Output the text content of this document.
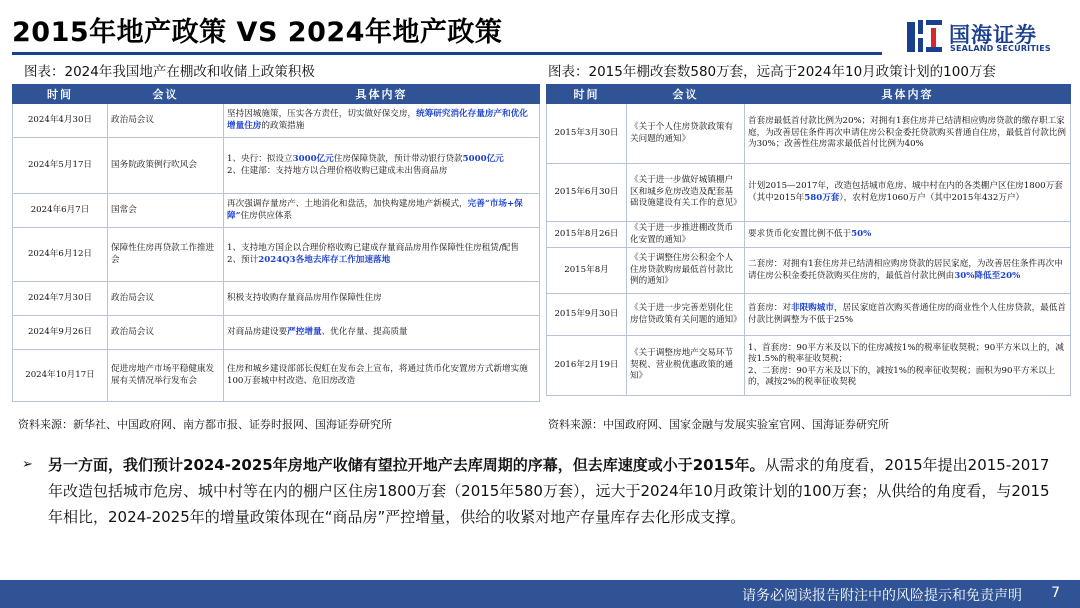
2015年地产政策 VS 2024年地产政策	国海证券
SEALAND SECURITIES
图表：2024年我国地产在棚改和收储上政策积极	图表：2015年棚改套数580万套，远高于2024年10月政策计划的100万套
时间	会议	具体内容
2024年4月30日	政治局会议	坚持因城施策，压实各方责任，切实做好保交房，统筹研究消化存量房产和优化增量住房的政策措施
2024年5月17日	国务院政策例行吹风会	1、央行：拟设立3000亿元住房保障贷款，预计带动银行贷款5000亿元
2、住建部：支持地方以合理价格收购已建成未出售商品房
2024年6月7日	国常会	再次强调存量房产、土地消化和盘活，加快构建房地产新模式，完善“市场+保障”住房供应体系
2024年6月12日	保障性住房再贷款工作推进会	1、支持地方国企以合理价格收购已建成存量商品房用作保障性住房租赁/配售
2、预计2024Q3各地去库存工作加速落地
2024年7月30日	政治局会议	积极支持收购存量商品房用作保障性住房
2024年9月26日	政治局会议	对商品房建设要严控增量、优化存量、提高质量
2024年10月17日	促进房地产市场平稳健康发展有关情况举行发布会	住房和城乡建设部部长倪虹在发布会上宣布，将通过货币化安置房方式新增实施100万套城中村改造、危旧房改造
时间	会议	具体内容
2015年3月30日	《关于个人住房贷款政策有关问题的通知》	首套房最低首付款比例为20%；对拥有1套住房并已结清相应购房贷款的缴存职工家庭，为改善居住条件再次申请住房公积金委托贷款购买普通自住房，最低首付款比例为30%；改善性住房需求最低首付比例为40%
2015年6月30日	《关于进一步做好城镇棚户区和城乡危房改造及配套基础设施建设有关工作的意见》	计划2015—2017年，改造包括城市危房、城中村在内的各类棚户区住房1800万套（其中2015年580万套），农村危房1060万户（其中2015年432万户）
2015年8月26日	《关于进一步推进棚改货币化安置的通知》	要求货币化安置比例不低于50%
2015年8月	《关于调整住房公积金个人住房贷款购房最低首付款比例的通知》	二套房：对拥有1套住房并已结清相应购房贷款的居民家庭，为改善居住条件再次申请住房公积金委托贷款购买住房的，最低首付款比例由30%降低至20%
2015年9月30日	《关于进一步完善差别化住房信贷政策有关问题的通知》	首套房：对非限购城市，居民家庭首次购买普通住房的商业性个人住房贷款，最低首付款比例调整为不低于25%
2016年2月19日	《关于调整房地产交易环节契税、营业税优惠政策的通知》	1、首套房：90平方米及以下的住房减按1%的税率征收契税；90平方米以上的，减按1.5%的税率征收契税；
2、二套房：90平方米及以下的，减按1%的税率征收契税；面积为90平方米以上的，减按2%的税率征收契税
资料来源：新华社、中国政府网、南方都市报、证券时报网、国海证券研究所	资料来源：中国政府网、国家金融与发展实验室官网、国海证券研究所
➢ 另一方面，我们预计2024-2025年房地产收储有望拉开地产去库周期的序幕，但去库速度或小于2015年。从需求的角度看，2015年提出2015-2017年改造包括城市危房、城中村等在内的棚户区住房1800万套（2015年580万套），远大于2024年10月政策计划的100万套；从供给的角度看，与2015年相比，2024-2025年的增量政策体现在“商品房”严控增量，供给的收紧对地产存量库存去化形成支撑。
请务必阅读报告附注中的风险提示和免责声明 7
